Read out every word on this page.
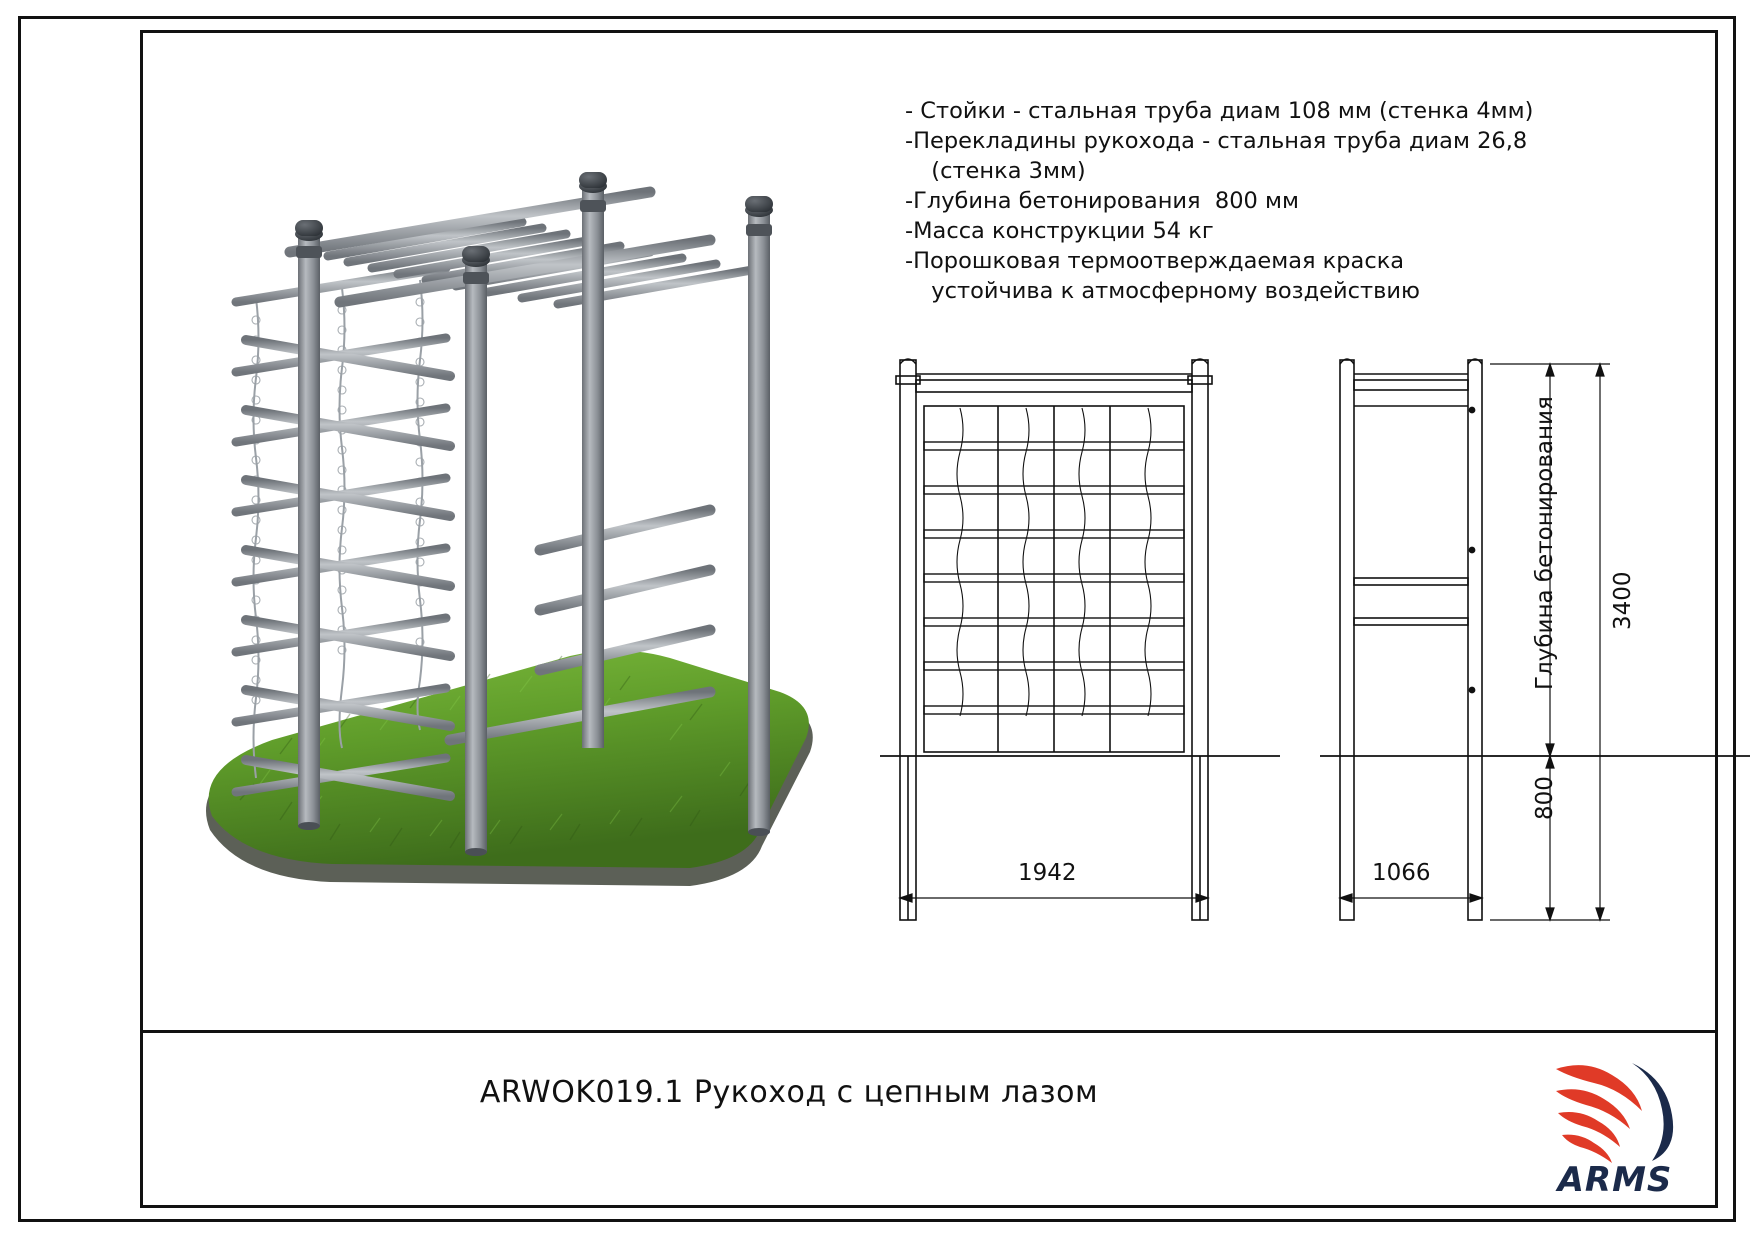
- Стойки - стальная труба диам 108 мм (стенка 4мм)
-Перекладины рукохода - стальная труба диам 26,8
(стенка 3мм)
-Глубина бетонирования  800 мм
-Масса конструкции 54 кг
-Порошковая термоотверждаемая краска
устойчива к атмосферному воздействию
1942
Глубина бетонирования 3400
800
1066
ARWOK019.1 Рукоход с цепным лазом
ARMS
